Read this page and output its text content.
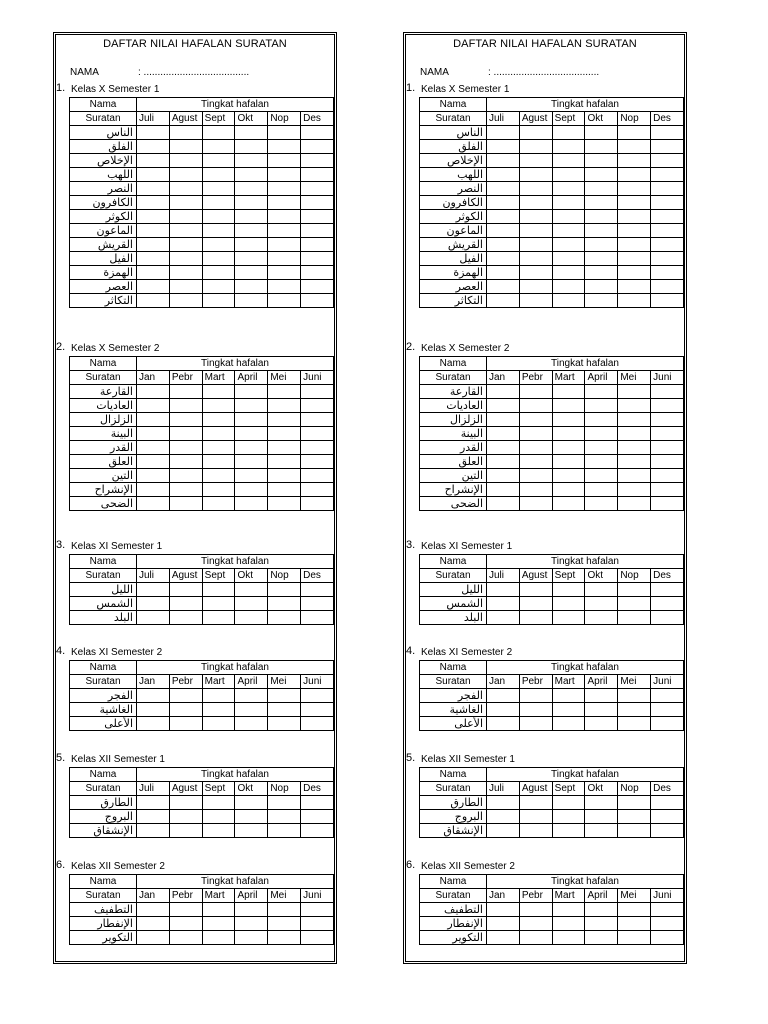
DAFTAR NILAI HAFALAN SURATAN
NAMA	: ......................................
1. Kelas X Semester 1
Nama	Tingkat hafalan					
Suratan	Juli	Agust	Sept	Okt	Nop	Des
الناس						
الفلق						
الإخلاص						
اللهب						
النصر						
الكافرون						
الكوثر						
الماعون						
القريش						
الفيل						
الهمزة						
العصر						
التكاثر						
2. Kelas X Semester 2
Nama	Tingkat hafalan					
Suratan	Jan	Pebr	Mart	April	Mei	Juni
القارعة						
العاديات						
الزلزال						
البينة						
القدر						
العلق						
التين						
الإنشراح						
الضحى						
3. Kelas XI Semester 1
Nama	Tingkat hafalan					
Suratan	Juli	Agust	Sept	Okt	Nop	Des
الليل						
الشمس						
البلد						
4. Kelas XI Semester 2
Nama	Tingkat hafalan					
Suratan	Jan	Pebr	Mart	April	Mei	Juni
الفجر						
الغاشية						
الأعلى						
5. Kelas XII Semester 1
Nama	Tingkat hafalan					
Suratan	Juli	Agust	Sept	Okt	Nop	Des
الطارق						
البروج						
الإنشقاق						
6. Kelas XII Semester 2
Nama	Tingkat hafalan					
Suratan	Jan	Pebr	Mart	April	Mei	Juni
التطفيف						
الإنفطار						
التكوير						
DAFTAR NILAI HAFALAN SURATAN
NAMA	: ......................................
1. Kelas X Semester 1
Nama	Tingkat hafalan					
Suratan	Juli	Agust	Sept	Okt	Nop	Des
الناس						
الفلق						
الإخلاص						
اللهب						
النصر						
الكافرون						
الكوثر						
الماعون						
القريش						
الفيل						
الهمزة						
العصر						
التكاثر						
2. Kelas X Semester 2
Nama	Tingkat hafalan					
Suratan	Jan	Pebr	Mart	April	Mei	Juni
القارعة						
العاديات						
الزلزال						
البينة						
القدر						
العلق						
التين						
الإنشراح						
الضحى						
3. Kelas XI Semester 1
Nama	Tingkat hafalan					
Suratan	Juli	Agust	Sept	Okt	Nop	Des
الليل						
الشمس						
البلد						
4. Kelas XI Semester 2
Nama	Tingkat hafalan					
Suratan	Jan	Pebr	Mart	April	Mei	Juni
الفجر						
الغاشية						
الأعلى						
5. Kelas XII Semester 1
Nama	Tingkat hafalan					
Suratan	Juli	Agust	Sept	Okt	Nop	Des
الطارق						
البروج						
الإنشقاق						
6. Kelas XII Semester 2
Nama	Tingkat hafalan					
Suratan	Jan	Pebr	Mart	April	Mei	Juni
التطفيف						
الإنفطار						
التكوير						
